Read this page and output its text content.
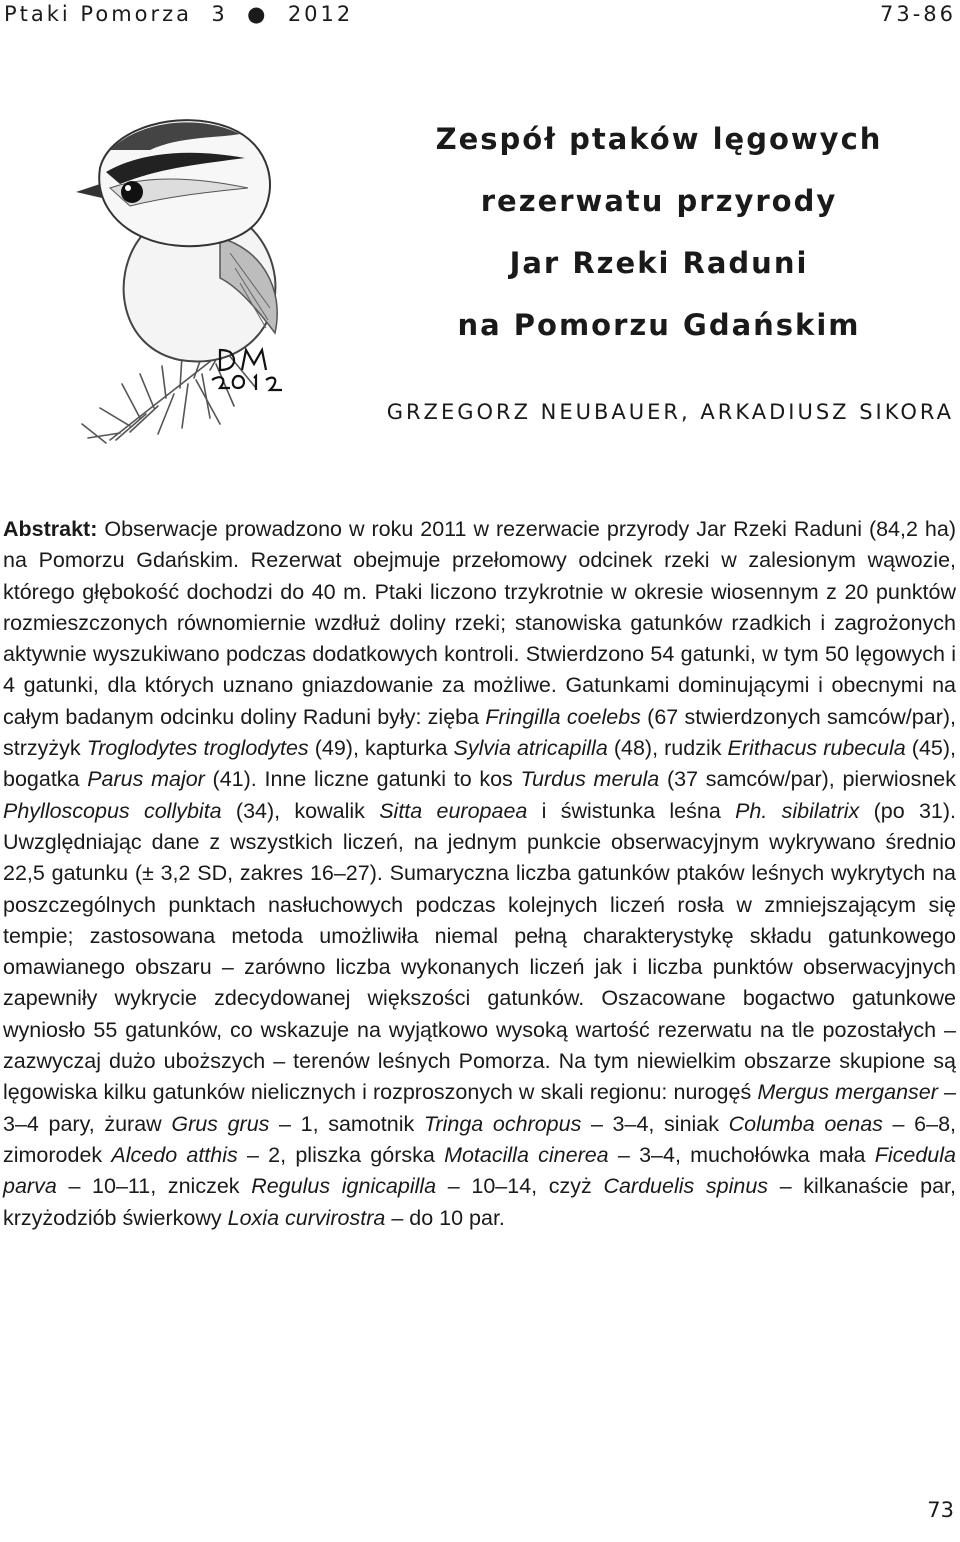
Ptaki Pomorza 3 ● 2012	73-86
Zespół ptaków lęgowych
rezerwatu przyrody
Jar Rzeki Raduni
na Pomorzu Gdańskim
GRZEGORZ NEUBAUER, ARKADIUSZ SIKORA

Abstrakt: Obserwacje prowadzono w roku 2011 w rezerwacie przyrody Jar Rzeki Raduni (84,2 ha) na Pomorzu Gdańskim. Rezerwat obejmuje przełomowy odcinek rzeki w zalesionym wąwozie, którego głębokość dochodzi do 40 m. Ptaki liczono trzykrotnie w okresie wiosennym z 20 punktów rozmieszczonych równomiernie wzdłuż doliny rzeki; stanowiska gatunków rzadkich i zagrożonych aktywnie wyszukiwano podczas dodatkowych kontroli. Stwierdzono 54 gatunki, w tym 50 lęgowych i 4 gatunki, dla których uznano gniazdowanie za możliwe. Gatunkami dominującymi i obecnymi na całym badanym odcinku doliny Raduni były: zięba Fringilla coelebs (67 stwierdzonych samców/par), strzyżyk Troglodytes troglodytes (49), kapturka Sylvia atricapilla (48), rudzik Erithacus rubecula (45), bogatka Parus major (41). Inne liczne gatunki to kos Turdus merula (37 samców/par), pierwiosnek Phylloscopus collybita (34), kowalik Sitta europaea i świstunka leśna Ph. sibilatrix (po 31). Uwzględniając dane z wszystkich liczeń, na jednym punkcie obserwacyjnym wykrywano średnio 22,5 gatunku (± 3,2 SD, zakres 16–27). Sumaryczna liczba gatunków ptaków leśnych wykrytych na poszczególnych punktach nasłuchowych podczas kolejnych liczeń rosła w zmniejszającym się tempie; zastosowana metoda umożliwiła niemal pełną charakterystykę składu gatunkowego omawianego obszaru – zarówno liczba wykonanych liczeń jak i liczba punktów obserwacyjnych zapewniły wykrycie zdecydowanej większości gatunków. Oszacowane bogactwo gatunkowe wyniosło 55 gatunków, co wskazuje na wyjątkowo wysoką wartość rezerwatu na tle pozostałych – zazwyczaj dużo uboższych – terenów leśnych Pomorza. Na tym niewielkim obszarze skupione są lęgowiska kilku gatunków nielicznych i rozproszonych w skali regionu: nurogęś Mergus merganser – 3–4 pary, żuraw Grus grus – 1, samotnik Tringa ochropus – 3–4, siniak Columba oenas – 6–8, zimorodek Alcedo atthis – 2, pliszka górska Motacilla cinerea – 3–4, muchołówka mała Ficedula parva – 10–11, zniczek Regulus ignicapilla – 10–14, czyż Carduelis spinus – kilkanaście par, krzyżodziób świerkowy Loxia curvirostra – do 10 par.

73
